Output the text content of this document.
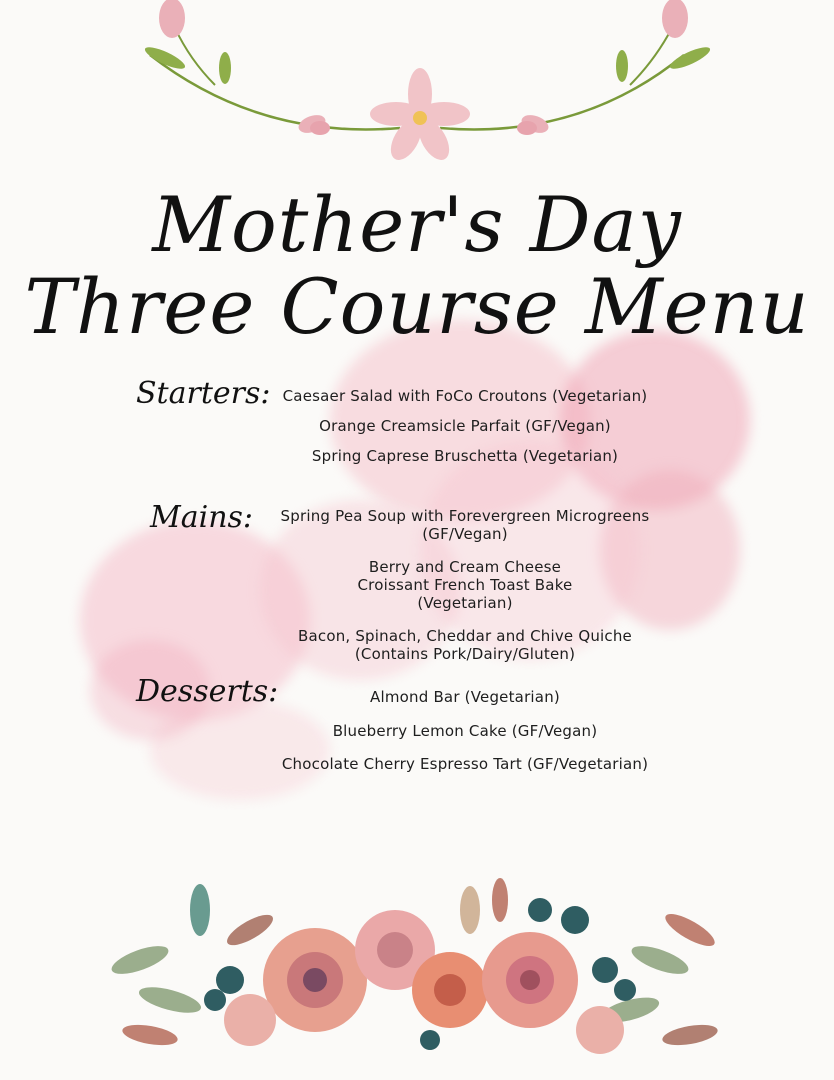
Mother's Day
Three Course Menu
Starters: Caesaer Salad with FoCo Croutons (Vegetarian)
Orange Creamsicle Parfait (GF/Vegan)
Spring Caprese Bruschetta (Vegetarian)
Mains:	Spring Pea Soup with Forevergreen Microgreens
(GF/Vegan)
Berry and Cream Cheese
Croissant French Toast Bake
(Vegetarian)
Bacon, Spinach, Cheddar and Chive Quiche
(Contains Pork/Dairy/Gluten)
Desserts:	Almond Bar (Vegetarian)
Blueberry Lemon Cake (GF/Vegan)
Chocolate Cherry Espresso Tart (GF/Vegetarian)
